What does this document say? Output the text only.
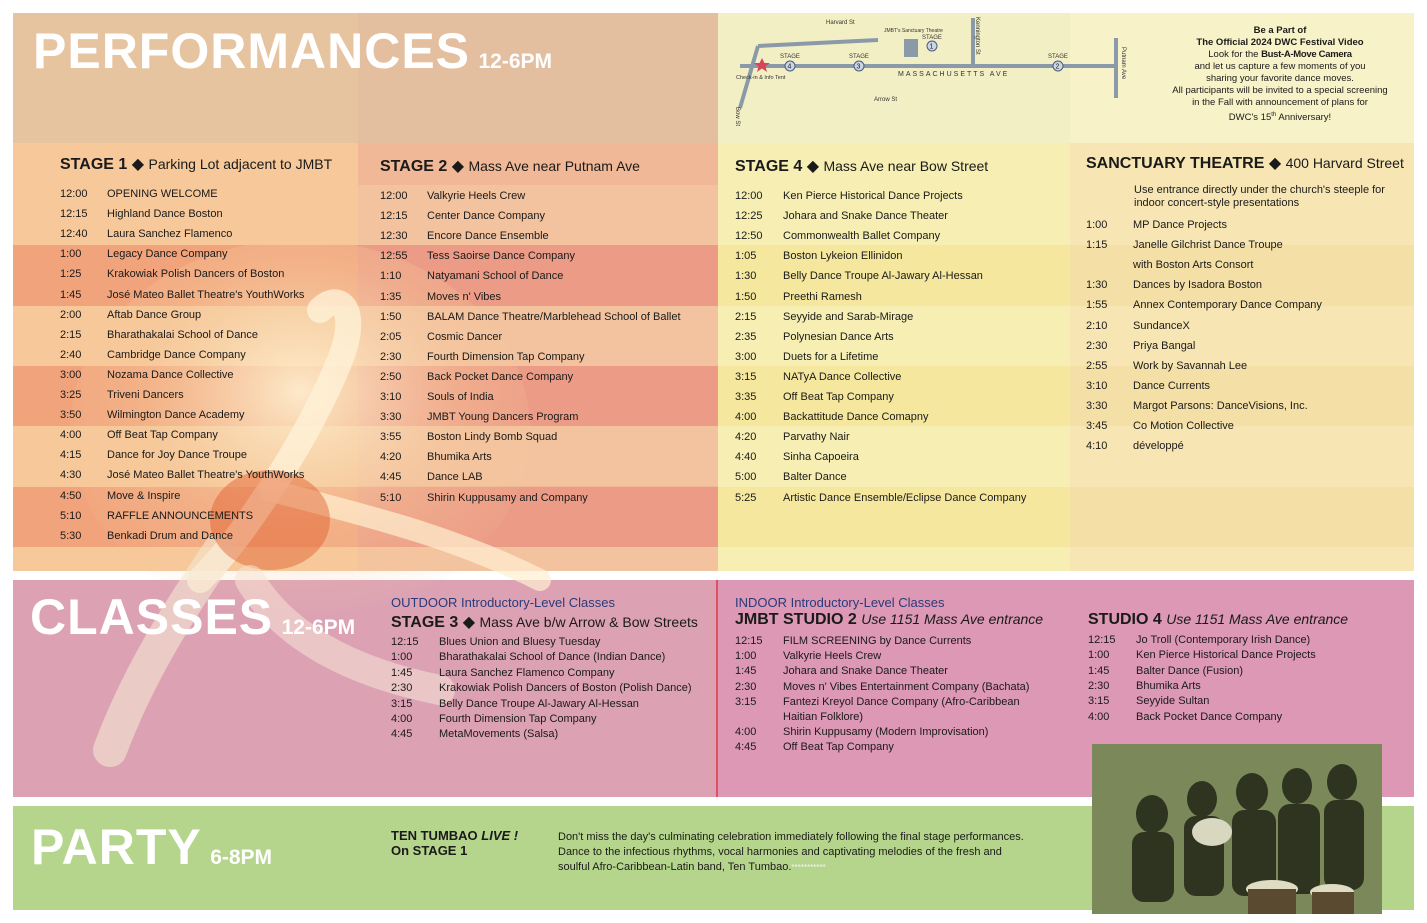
PERFORMANCES 12-6PM
Harvard St	Kennington St
Putnam Ave
MASSACHUSETTS AVE
Arrow St
Bow St
JMBT's Sanctuary Theatre
Check-in & Info Tent
STAGE
1
STAGE
2
STAGE
3
STAGE
4

Be a Part of

The Official 2024 DWC Festival Video

Look for the Bust-A-Move Camera

and let us capture a few moments of you

sharing your favorite dance moves.

All participants will be invited to a special screening

in the Fall with announcement of plans for

DWC's 15th Anniversary!

STAGE 1 ◆ Parking Lot adjacent to JMBT	STAGE 2 ◆ Mass Ave near Putnam Ave	STAGE 4 ◆ Mass Ave near Bow Street	SANCTUARY THEATRE ◆ 400 Harvard Street
Use entrance directly under the church's steeple for
indoor concert-style presentations
12:00 OPENING WELCOME
12:15 Highland Dance Boston
12:40 Laura Sanchez Flamenco
1:00 Legacy Dance Company
1:25 Krakowiak Polish Dancers of Boston
1:45 José Mateo Ballet Theatre's YouthWorks
2:00 Aftab Dance Group
2:15 Bharathakalai School of Dance
2:40 Cambridge Dance Company
3:00 Nozama Dance Collective
3:25 Triveni Dancers
3:50 Wilmington Dance Academy
4:00 Off Beat Tap Company
4:15 Dance for Joy Dance Troupe
4:30 José Mateo Ballet Theatre's YouthWorks
4:50 Move & Inspire
5:10 RAFFLE ANNOUNCEMENTS
5:30 Benkadi Drum and Dance
12:00 Valkyrie Heels Crew
12:15 Center Dance Company
12:30 Encore Dance Ensemble
12:55 Tess Saoirse Dance Company
1:10 Natyamani School of Dance
1:35 Moves n' Vibes
1:50 BALAM Dance Theatre/Marblehead School of Ballet
2:05 Cosmic Dancer
2:30 Fourth Dimension Tap Company
2:50 Back Pocket Dance Company
3:10 Souls of India
3:30 JMBT Young Dancers Program
3:55 Boston Lindy Bomb Squad
4:20 Bhumika Arts
4:45 Dance LAB
5:10 Shirin Kuppusamy and Company
12:00 Ken Pierce Historical Dance Projects
12:25 Johara and Snake Dance Theater
12:50 Commonwealth Ballet Company
1:05 Boston Lykeion Ellinidon
1:30 Belly Dance Troupe Al-Jawary Al-Hessan
1:50 Preethi Ramesh
2:15 Seyyide and Sarab-Mirage
2:35 Polynesian Dance Arts
3:00 Duets for a Lifetime
3:15 NATyA Dance Collective
3:35 Off Beat Tap Company
4:00 Backattitude Dance Comapny
4:20 Parvathy Nair
4:40 Sinha Capoeira
5:00 Balter Dance
5:25 Artistic Dance Ensemble/Eclipse Dance Company
1:00 MP Dance Projects
1:15 Janelle Gilchrist Dance Troupe
with Boston Arts Consort
1:30 Dances by Isadora Boston
1:55 Annex Contemporary Dance Company
2:10 SundanceX
2:30 Priya Bangal
2:55 Work by Savannah Lee
3:10 Dance Currents
3:30 Margot Parsons: DanceVisions, Inc.
3:45 Co Motion Collective
4:10 développé
CLASSES 12-6PM
OUTDOOR Introductory-Level Classes
STAGE 3 ◆ Mass Ave b/w Arrow & Bow Streets
12:15 Blues Union and Bluesy Tuesday
1:00 Bharathakalai School of Dance (Indian Dance)
1:45 Laura Sanchez Flamenco Company
2:30 Krakowiak Polish Dancers of Boston (Polish Dance)
3:15 Belly Dance Troupe Al-Jawary Al-Hessan
4:00 Fourth Dimension Tap Company
4:45 MetaMovements (Salsa)
INDOOR Introductory-Level Classes
JMBT STUDIO 2 Use 1151 Mass Ave entrance
12:15 FILM SCREENING by Dance Currents
1:00 Valkyrie Heels Crew
1:45 Johara and Snake Dance Theater
2:30 Moves n' Vibes Entertainment Company (Bachata)
3:15 Fantezi Kreyol Dance Company (Afro-Caribbean
Haitian Folklore)
4:00 Shirin Kuppusamy (Modern Improvisation)
4:45 Off Beat Tap Company
STUDIO 4 Use 1151 Mass Ave entrance
12:15 Jo Troll (Contemporary Irish Dance)
1:00 Ken Pierce Historical Dance Projects
1:45 Balter Dance (Fusion)
2:30 Bhumika Arts
3:15 Seyyide Sultan
4:00 Back Pocket Dance Company
PARTY 6-8PM
TEN TUMBAO LIVE !
On STAGE 1
Don't miss the day's culminating celebration immediately following the final stage performances.
Dance to the infectious rhythms, vocal harmonies and captivating melodies of the fresh and
soulful Afro-Caribbean-Latin band, Ten Tumbao.***********
